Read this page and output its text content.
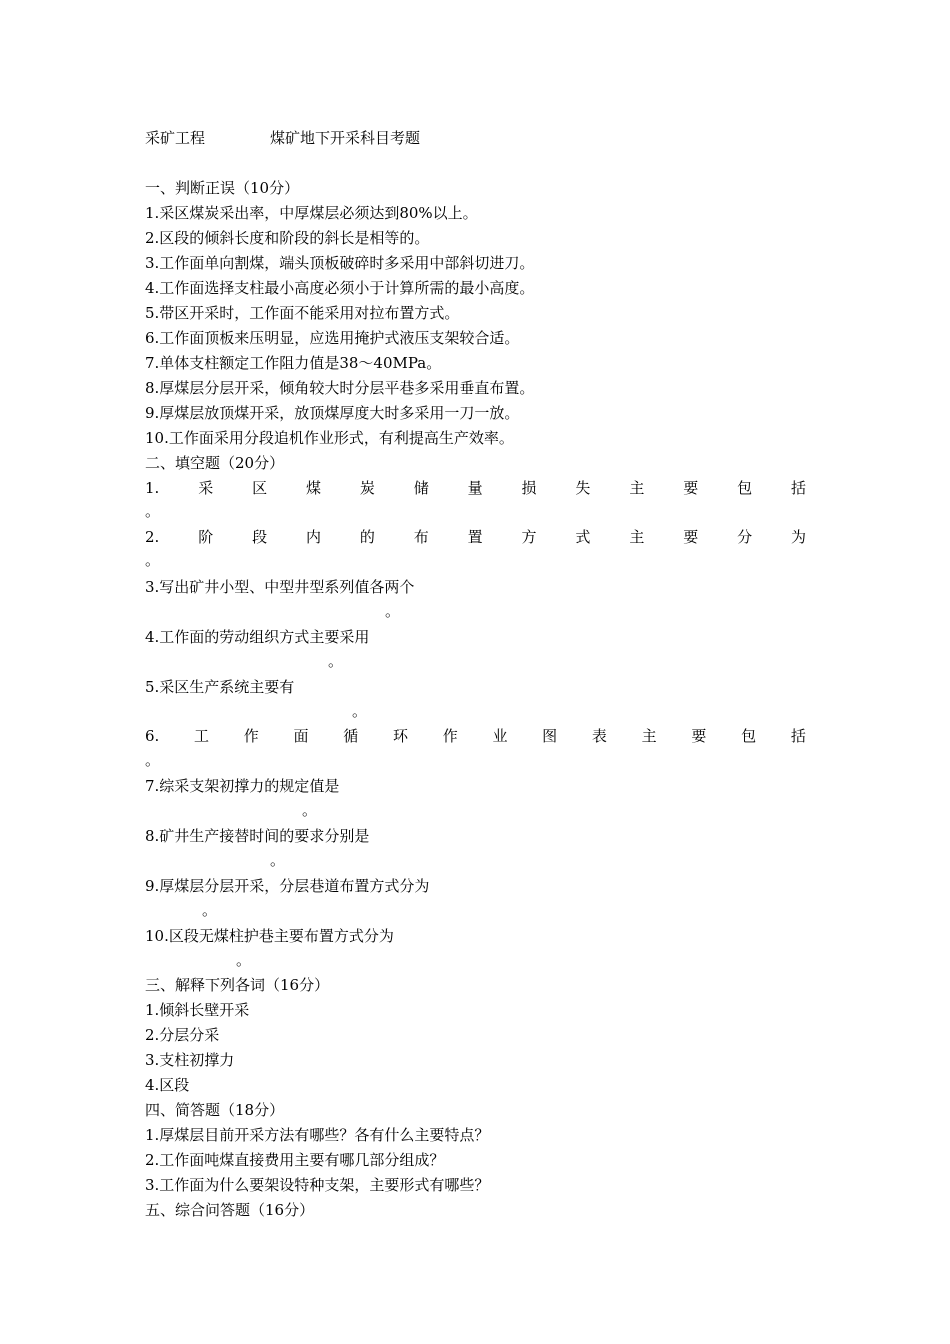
采矿工程	煤矿地下开采科目考题
一、判断正误（10分）
1.采区煤炭采出率，中厚煤层必须达到80%以上。
2.区段的倾斜长度和阶段的斜长是相等的。
3.工作面单向割煤，端头顶板破碎时多采用中部斜切进刀。
4.工作面选择支柱最小高度必须小于计算所需的最小高度。
5.带区开采时，工作面不能采用对拉布置方式。
6.工作面顶板来压明显，应选用掩护式液压支架较合适。
7.单体支柱额定工作阻力值是38～40MPa。
8.厚煤层分层开采，倾角较大时分层平巷多采用垂直布置。
9.厚煤层放顶煤开采，放顶煤厚度大时多采用一刀一放。
10.工作面采用分段追机作业形式，有利提高生产效率。
二、填空题（20分）
1.	采	区	煤	炭	储	量	损	失	主	要	包	括
。
2.	阶	段	内	的	布	置	方	式	主	要	分	为
。
3.写出矿井小型、中型井型系列值各两个
。
4.工作面的劳动组织方式主要采用
。
5.采区生产系统主要有
。
6. 工 作 面 循 环 作 业 图 表 主 要 包 括
。
7.综采支架初撑力的规定值是
。
8.矿井生产接替时间的要求分别是
。
9.厚煤层分层开采，分层巷道布置方式分为
。
10.区段无煤柱护巷主要布置方式分为
。
三、解释下列各词（16分）
1.倾斜长壁开采
2.分层分采
3.支柱初撑力
4.区段
四、简答题（18分）
1.厚煤层目前开采方法有哪些？各有什么主要特点？
2.工作面吨煤直接费用主要有哪几部分组成？
3.工作面为什么要架设特种支架，主要形式有哪些？
五、综合问答题（16分）
